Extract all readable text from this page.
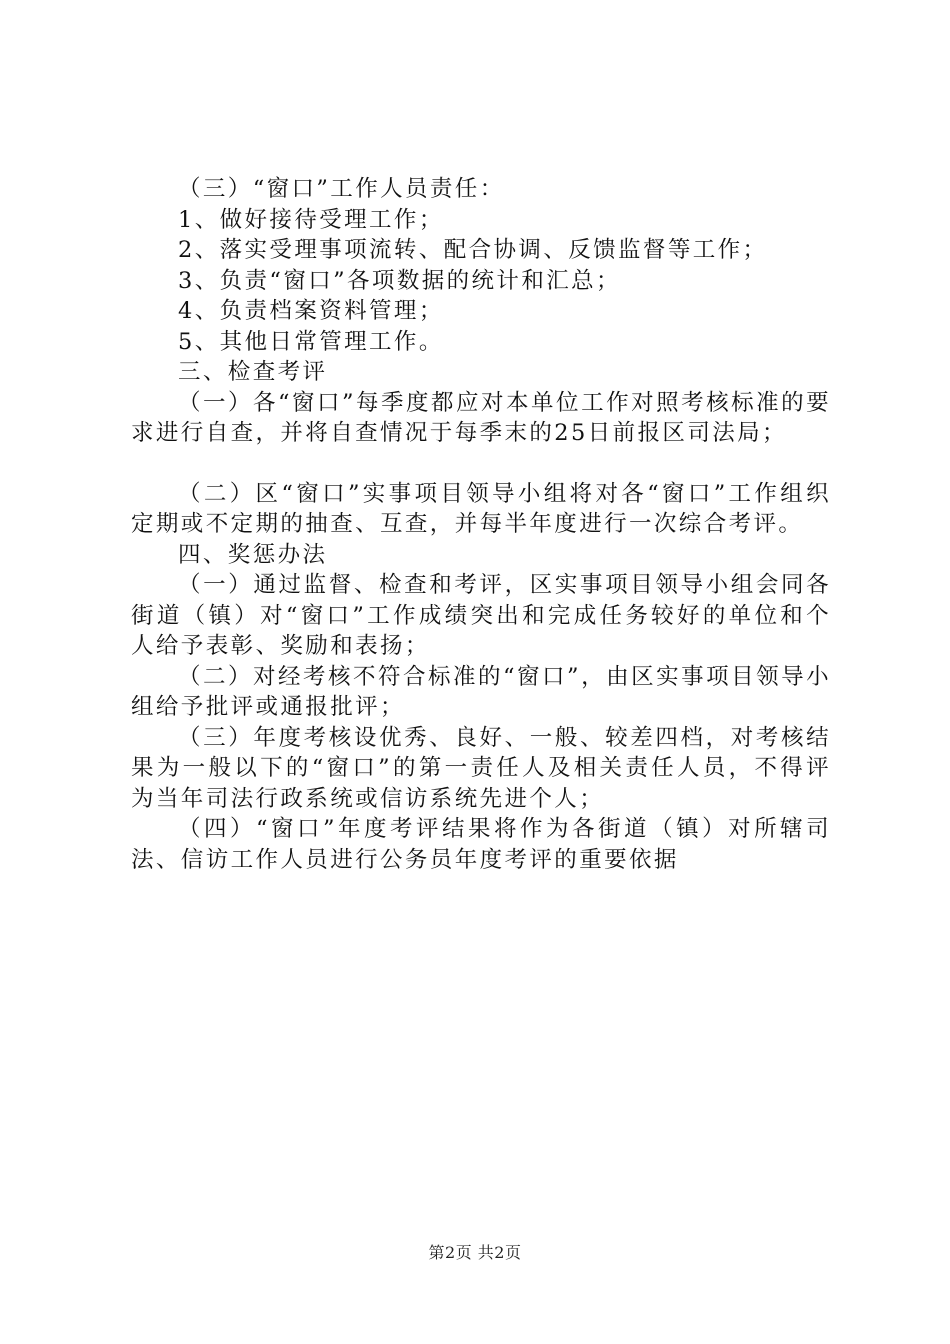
（三）“窗口”工作人员责任：

1、做好接待受理工作；

2、落实受理事项流转、配合协调、反馈监督等工作；

3、负责“窗口”各项数据的统计和汇总；

4、负责档案资料管理；

5、其他日常管理工作。

三、检查考评

（一）各“窗口”每季度都应对本单位工作对照考核标准的要求进行自查，并将自查情况于每季末的25日前报区司法局；

（二）区“窗口”实事项目领导小组将对各“窗口”工作组织定期或不定期的抽查、互查，并每半年度进行一次综合考评。

四、奖惩办法

（一）通过监督、检查和考评，区实事项目领导小组会同各街道（镇）对“窗口”工作成绩突出和完成任务较好的单位和个人给予表彰、奖励和表扬；

（二）对经考核不符合标准的“窗口”，由区实事项目领导小组给予批评或通报批评；

（三）年度考核设优秀、良好、一般、较差四档，对考核结果为一般以下的“窗口”的第一责任人及相关责任人员，不得评为当年司法行政系统或信访系统先进个人；

（四）“窗口”年度考评结果将作为各街道（镇）对所辖司法、信访工作人员进行公务员年度考评的重要依据

第2页 共2页
